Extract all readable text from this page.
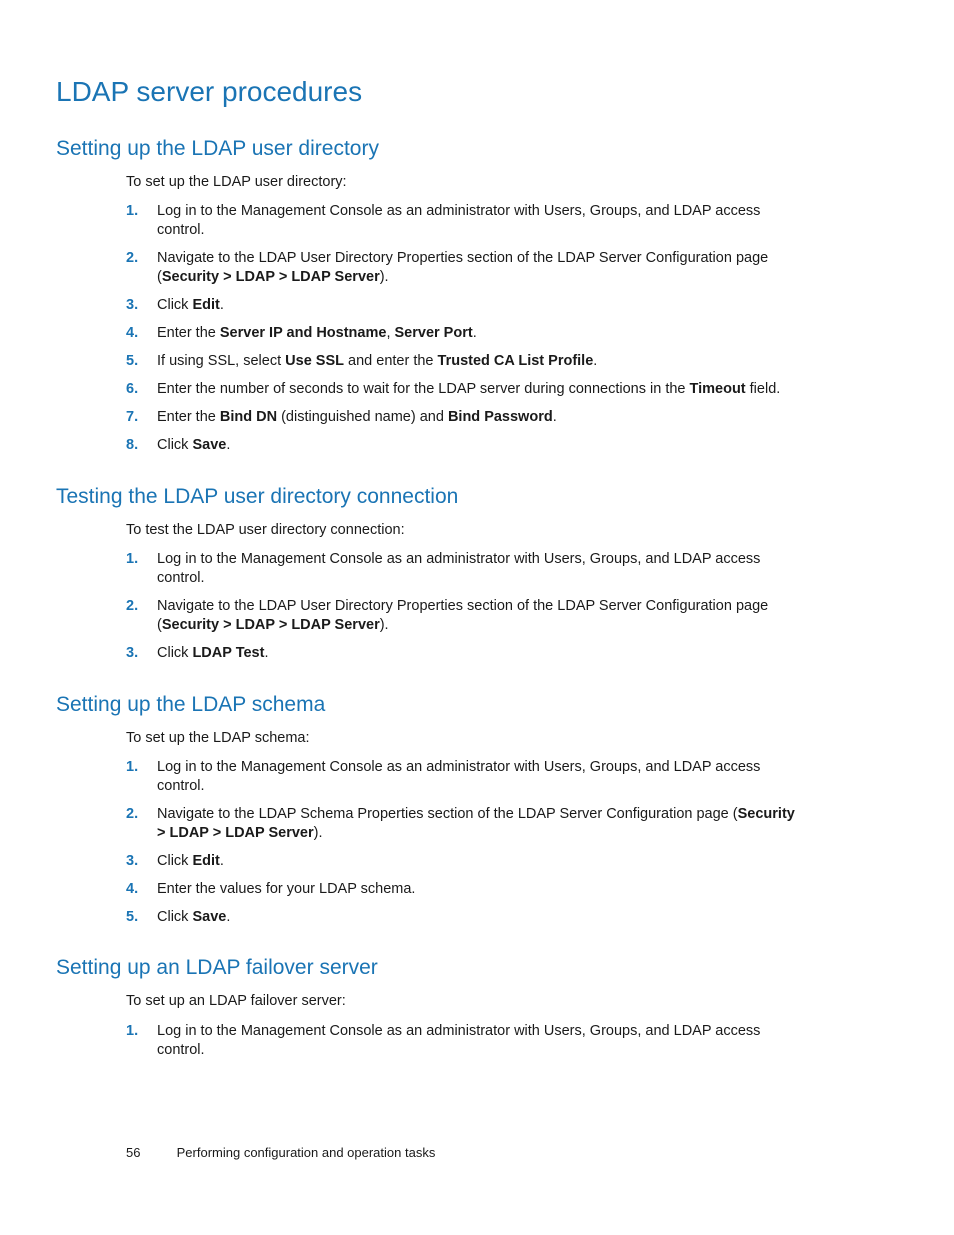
LDAP server procedures
Setting up the LDAP user directory

To set up the LDAP user directory:

1.	Log in to the Management Console as an administrator with Users, Groups, and LDAP access control.
2.	Navigate to the LDAP User Directory Properties section of the LDAP Server Configuration page (Security > LDAP > LDAP Server).
3.	Click Edit.
4.	Enter the Server IP and Hostname, Server Port.
5.	If using SSL, select Use SSL and enter the Trusted CA List Profile.
6.	Enter the number of seconds to wait for the LDAP server during connections in the Timeout field.
7.	Enter the Bind DN (distinguished name) and Bind Password.
8.	Click Save.
Testing the LDAP user directory connection

To test the LDAP user directory connection:

1.	Log in to the Management Console as an administrator with Users, Groups, and LDAP access control.
2.	Navigate to the LDAP User Directory Properties section of the LDAP Server Configuration page (Security > LDAP > LDAP Server).
3.	Click LDAP Test.
Setting up the LDAP schema

To set up the LDAP schema:

1.	Log in to the Management Console as an administrator with Users, Groups, and LDAP access control.
2.	Navigate to the LDAP Schema Properties section of the LDAP Server Configuration page (Security > LDAP > LDAP Server).
3.	Click Edit.
4.	Enter the values for your LDAP schema.
5.	Click Save.
Setting up an LDAP failover server

To set up an LDAP failover server:

1.	Log in to the Management Console as an administrator with Users, Groups, and LDAP access control.
56	Performing configuration and operation tasks
